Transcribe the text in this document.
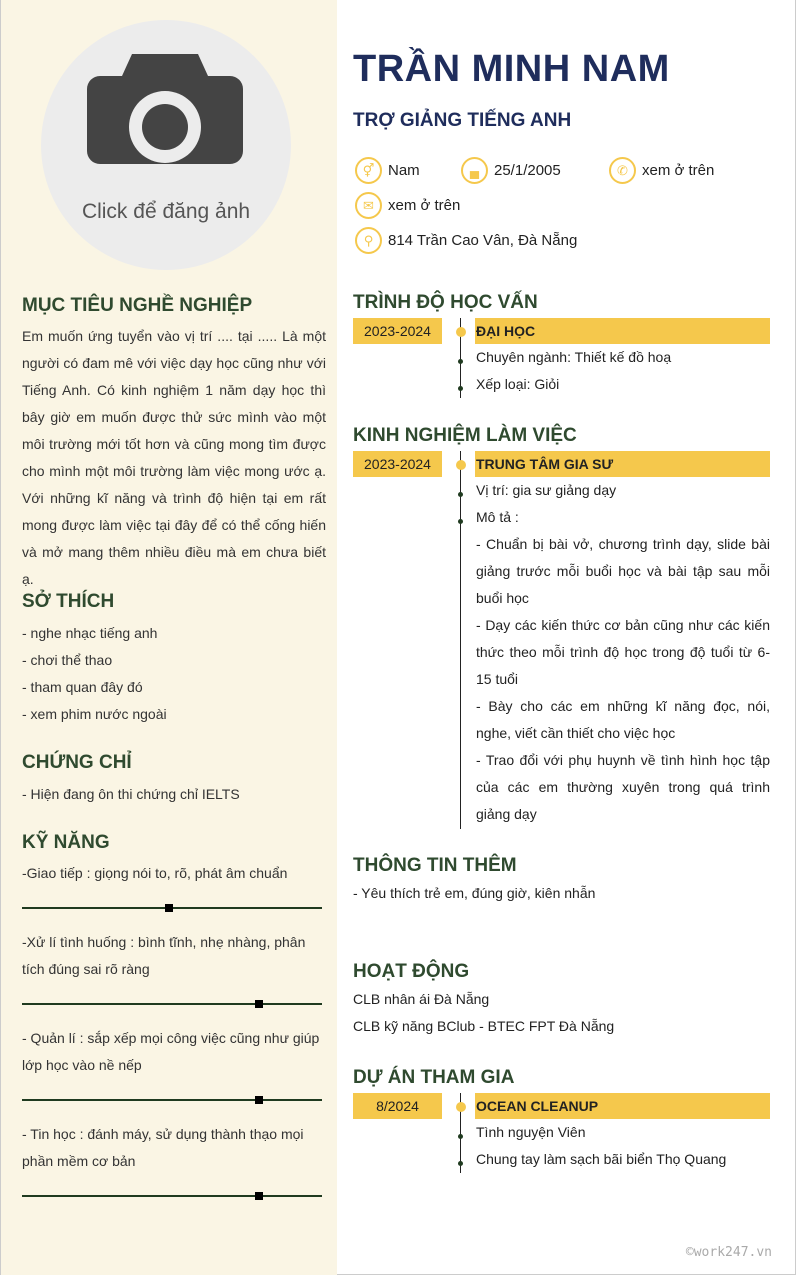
Click để đăng ảnh
MỤC TIÊU NGHỀ NGHIỆP
Em muốn ứng tuyển vào vị trí .... tại ..... Là một người có đam mê với việc dạy học cũng như với Tiếng Anh. Có kinh nghiệm 1 năm dạy học thì bây giờ em muốn được thử sức mình vào một môi trường mới tốt hơn và cũng mong tìm được cho mình một môi trường làm việc mong ước ạ. Với những kĩ năng và trình độ hiện tại em rất mong được làm việc tại đây để có thể cống hiến và mở mang thêm nhiều điều mà em chưa biết ạ.
SỞ THÍCH
- nghe nhạc tiếng anh
- chơi thể thao
- tham quan đây đó
- xem phim nước ngoài
CHỨNG CHỈ
- Hiện đang ôn thi chứng chỉ IELTS
KỸ NĂNG
-Giao tiếp : giọng nói to, rõ, phát âm chuẩn
-Xử lí tình huống : bình tĩnh, nhẹ nhàng, phân tích đúng sai rõ ràng
- Quản lí : sắp xếp mọi công việc cũng như giúp lớp học vào nề nếp
- Tin học : đánh máy, sử dụng thành thạo mọi phần mềm cơ bản
TRẦN MINH NAM
TRỢ GIẢNG TIẾNG ANH
⚥ Nam	▄ 25/1/2005	✆ xem ở trên
✉ xem ở trên
⚲ 814 Trần Cao Vân, Đà Nẵng
TRÌNH ĐỘ HỌC VẤN
2023-2024	ĐẠI HỌC
Chuyên ngành: Thiết kế đồ hoạ
Xếp loại: Giỏi
KINH NGHIỆM LÀM VIỆC
2023-2024	TRUNG TÂM GIA SƯ
Vị trí: gia sư giảng dạy
Mô tả :
- Chuẩn bị bài vở, chương trình dạy, slide bài giảng trước mỗi buổi học và bài tập sau mỗi buổi học
- Dạy các kiến thức cơ bản cũng như các kiến thức theo mỗi trình độ học trong độ tuổi từ 6-15 tuổi
- Bày cho các em những kĩ năng đọc, nói, nghe, viết cần thiết cho việc học
- Trao đổi với phụ huynh về tình hình học tập của các em thường xuyên trong quá trình giảng dạy
THÔNG TIN THÊM
- Yêu thích trẻ em, đúng giờ, kiên nhẫn
HOẠT ĐỘNG
CLB nhân ái Đà Nẵng
CLB kỹ năng BClub - BTEC FPT Đà Nẵng
DỰ ÁN THAM GIA
8/2024	OCEAN CLEANUP
Tình nguyện Viên
Chung tay làm sạch bãi biển Thọ Quang
©work247.vn
